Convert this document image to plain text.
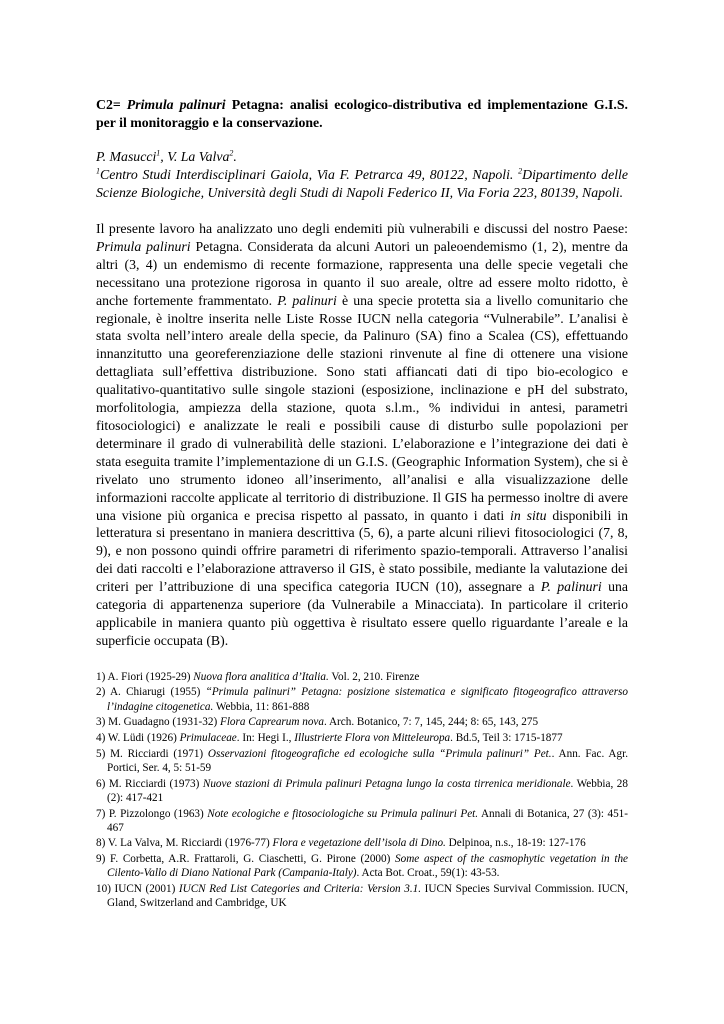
C2= Primula palinuri Petagna: analisi ecologico-distributiva ed implementazione G.I.S. per il monitoraggio e la conservazione.

P. Masucci$^1$, V. La Valva$^2$.

$^1$Centro Studi Interdisciplinari Gaiola, Via F. Petrarca 49, 80122, Napoli. $^2$Dipartimento delle Scienze Biologiche, Università degli Studi di Napoli Federico II, Via Foria 223, 80139, Napoli.

Il presente lavoro ha analizzato uno degli endemiti più vulnerabili e discussi del nostro Paese: Primula palinuri Petagna. Considerata da alcuni Autori un paleoendemismo (1, 2), mentre da altri (3, 4) un endemismo di recente formazione, rappresenta una delle specie vegetali che necessitano una protezione rigorosa in quanto il suo areale, oltre ad essere molto ridotto, è anche fortemente frammentato. P. palinuri è una specie protetta sia a livello comunitario che regionale, è inoltre inserita nelle Liste Rosse IUCN nella categoria “Vulnerabile”. L’analisi è stata svolta nell’intero areale della specie, da Palinuro (SA) fino a Scalea (CS), effettuando innanzitutto una georeferenziazione delle stazioni rinvenute al fine di ottenere una visione dettagliata sull’effettiva distribuzione. Sono stati affiancati dati di tipo bio-ecologico e qualitativo-quantitativo sulle singole stazioni (esposizione, inclinazione e pH del substrato, morfolitologia, ampiezza della stazione, quota s.l.m., % individui in antesi, parametri fitosociologici) e analizzate le reali e possibili cause di disturbo sulle popolazioni per determinare il grado di vulnerabilità delle stazioni. L’elaborazione e l’integrazione dei dati è stata eseguita tramite l’implementazione di un G.I.S. (Geographic Information System), che si è rivelato uno strumento idoneo all’inserimento, all’analisi e alla visualizzazione delle informazioni raccolte applicate al territorio di distribuzione. Il GIS ha permesso inoltre di avere una visione più organica e precisa rispetto al passato, in quanto i dati in situ disponibili in letteratura si presentano in maniera descrittiva (5, 6), a parte alcuni rilievi fitosociologici (7, 8, 9), e non possono quindi offrire parametri di riferimento spazio-temporali. Attraverso l’analisi dei dati raccolti e l’elaborazione attraverso il GIS, è stato possibile, mediante la valutazione dei criteri per l’attribuzione di una specifica categoria IUCN (10), assegnare a P. palinuri una categoria di appartenenza superiore (da Vulnerabile a Minacciata). In particolare il criterio applicabile in maniera quanto più oggettiva è risultato essere quello riguardante l’areale e la superficie occupata (B).

1) A. Fiori (1925-29) Nuova flora analitica d’Italia. Vol. 2, 210. Firenze
2) A. Chiarugi (1955) “Primula palinuri” Petagna: posizione sistematica e significato fitogeografico attraverso l’indagine citogenetica. Webbia, 11: 861-888
3) M. Guadagno (1931-32) Flora Caprearum nova. Arch. Botanico, 7: 7, 145, 244; 8: 65, 143, 275
4) W. Lüdi (1926) Primulaceae. In: Hegi I., Illustrierte Flora von Mitteleuropa. Bd.5, Teil 3: 1715-1877
5) M. Ricciardi (1971) Osservazioni fitogeografiche ed ecologiche sulla “Primula palinuri” Pet.. Ann. Fac. Agr. Portici, Ser. 4, 5: 51-59
6) M. Ricciardi (1973) Nuove stazioni di Primula palinuri Petagna lungo la costa tirrenica meridionale. Webbia, 28 (2): 417-421
7) P. Pizzolongo (1963) Note ecologiche e fitosociologiche su Primula palinuri Pet. Annali di Botanica, 27 (3): 451-467
8) V. La Valva, M. Ricciardi (1976-77) Flora e vegetazione dell’isola di Dino. Delpinoa, n.s., 18-19: 127-176
9) F. Corbetta, A.R. Frattaroli, G. Ciaschetti, G. Pirone (2000) Some aspect of the casmophytic vegetation in the Cilento-Vallo di Diano National Park (Campania-Italy). Acta Bot. Croat., 59(1): 43-53.
10) IUCN (2001) IUCN Red List Categories and Criteria: Version 3.1. IUCN Species Survival Commission. IUCN, Gland, Switzerland and Cambridge, UK
